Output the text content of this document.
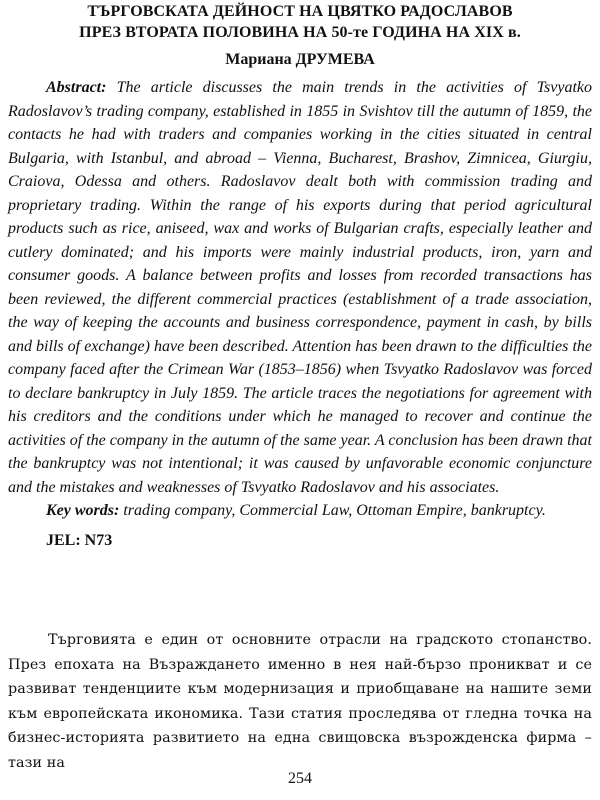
ТЪРГОВСКАТА ДЕЙНОСТ НА ЦВЯТКО РАДОСЛАВОВ
ПРЕЗ ВТОРАТА ПОЛОВИНА НА 50-те ГОДИНА НА XIX в.

Мариана ДРУМЕВА

Abstract: The article discusses the main trends in the activities of Tsvyatko Radoslavov’s trading company, established in 1855 in Svishtov till the autumn of 1859, the contacts he had with traders and companies working in the cities situated in central Bulgaria, with Istanbul, and abroad – Vienna, Bucharest, Brashov, Zimnicea, Giurgiu, Craiova, Odessa and others. Radoslavov dealt both with commission trading and proprietary trading. Within the range of his exports during that period agricultural products such as rice, aniseed, wax and works of Bulgarian crafts, especially leather and cutlery dominated; and his imports were mainly industrial products, iron, yarn and consumer goods. A balance between profits and losses from recorded transactions has been reviewed, the different commercial practices (establishment of a trade association, the way of keeping the accounts and business correspondence, payment in cash, by bills and bills of exchange) have been described. Attention has been drawn to the difficulties the company faced after the Crimean War (1853–1856) when Tsvyatko Radoslavov was forced to declare bankruptcy in July 1859. The article traces the negotiations for agreement with his creditors and the conditions under which he managed to recover and continue the activities of the company in the autumn of the same year. A conclusion has been drawn that the bankruptcy was not intentional; it was caused by unfavorable economic conjuncture and the mistakes and weaknesses of Tsvyatko Radoslavov and his associates.

Key words: trading company, Commercial Law, Ottoman Empire, bankruptcy.

JEL: N73

Търговията е един от основните отрасли на градското стопанство. През епохата на Възраждането именно в нея най-бързо проникват и се развиват тенденциите към модернизация и приобщаване на нашите земи към европейската икономика. Тази статия проследява от гледна точка на бизнес-историята развитието на една свищовска възрожденска фирма – тази на

254
